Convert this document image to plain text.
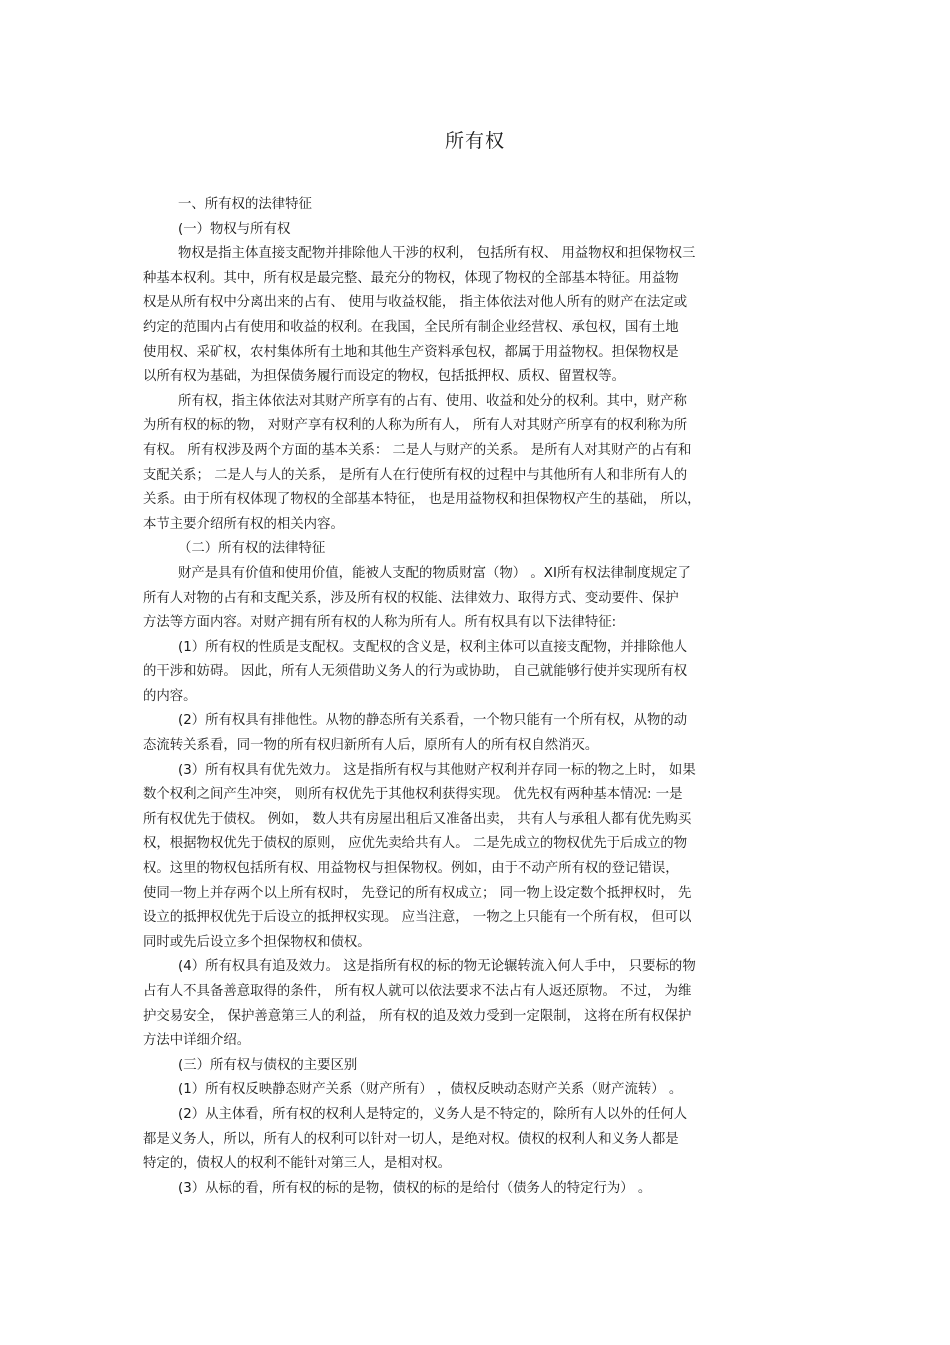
所有权
一、所有权的法律特征
(一）物权与所有权
物权是指主体直接支配物并排除他人干涉的权利， 包括所有权、 用益物权和担保物权三
种基本权利。其中，所有权是最完整、最充分的物权，体现了物权的全部基本特征。用益物
权是从所有权中分离出来的占有、 使用与收益权能， 指主体依法对他人所有的财产在法定或
约定的范围内占有使用和收益的权利。在我国，全民所有制企业经营权、承包权，国有土地
使用权、采矿权，农村集体所有土地和其他生产资料承包权，都属于用益物权。担保物权是
以所有权为基础，为担保债务履行而设定的物权，包括抵押权、质权、留置权等。
所有权，指主体依法对其财产所享有的占有、使用、收益和处分的权利。其中，财产称
为所有权的标的物， 对财产享有权利的人称为所有人， 所有人对其财产所享有的权利称为所
有权。 所有权涉及两个方面的基本关系： 二是人与财产的关系。 是所有人对其财产的占有和
支配关系； 二是人与人的关系， 是所有人在行使所有权的过程中与其他所有人和非所有人的
关系。由于所有权体现了物权的全部基本特征， 也是用益物权和担保物权产生的基础， 所以，
本节主要介绍所有权的相关内容。
（二）所有权的法律特征
财产是具有价值和使用价值，能被人支配的物质财富（物） 。XI所有权法律制度规定了
所有人对物的占有和支配关系，涉及所有权的权能、法律效力、取得方式、变动要件、保护
方法等方面内容。对财产拥有所有权的人称为所有人。所有权具有以下法律特征:
(1）所有权的性质是支配权。支配权的含义是，权利主体可以直接支配物，并排除他人
的干涉和妨碍。 因此，所有人无须借助义务人的行为或协助， 自己就能够行使并实现所有权
的内容。
(2）所有权具有排他性。从物的静态所有关系看，一个物只能有一个所有权，从物的动
态流转关系看，同一物的所有权归新所有人后，原所有人的所有权自然消灭。
(3）所有权具有优先效力。 这是指所有权与其他财产权利并存同一标的物之上时， 如果
数个权利之间产生冲突， 则所有权优先于其他权利获得实现。 优先权有两种基本情况: 一是
所有权优先于债权。 例如， 数人共有房屋出租后又准备出卖， 共有人与承租人都有优先购买
权，根据物权优先于债权的原则， 应优先卖给共有人。 二是先成立的物权优先于后成立的物
权。这里的物权包括所有权、用益物权与担保物权。例如，由于不动产所有权的登记错误，
使同一物上并存两个以上所有权时， 先登记的所有权成立； 同一物上设定数个抵押权时， 先
设立的抵押权优先于后设立的抵押权实现。 应当注意， 一物之上只能有一个所有权， 但可以
同时或先后设立多个担保物权和债权。
(4）所有权具有追及效力。 这是指所有权的标的物无论辗转流入何人手中， 只要标的物
占有人不具备善意取得的条件， 所有权人就可以依法要求不法占有人返还原物。 不过， 为维
护交易安全， 保护善意第三人的利益， 所有权的追及效力受到一定限制， 这将在所有权保护
方法中详细介绍。
(三）所有权与债权的主要区别
(1）所有权反映静态财产关系（财产所有） ，债权反映动态财产关系（财产流转） 。
(2）从主体看，所有权的权利人是特定的，义务人是不特定的，除所有人以外的任何人
都是义务人，所以，所有人的权利可以针对一切人，是绝对权。债权的权利人和义务人都是
特定的，债权人的权利不能针对第三人，是相对权。
(3）从标的看，所有权的标的是物，债权的标的是给付（债务人的特定行为） 。
